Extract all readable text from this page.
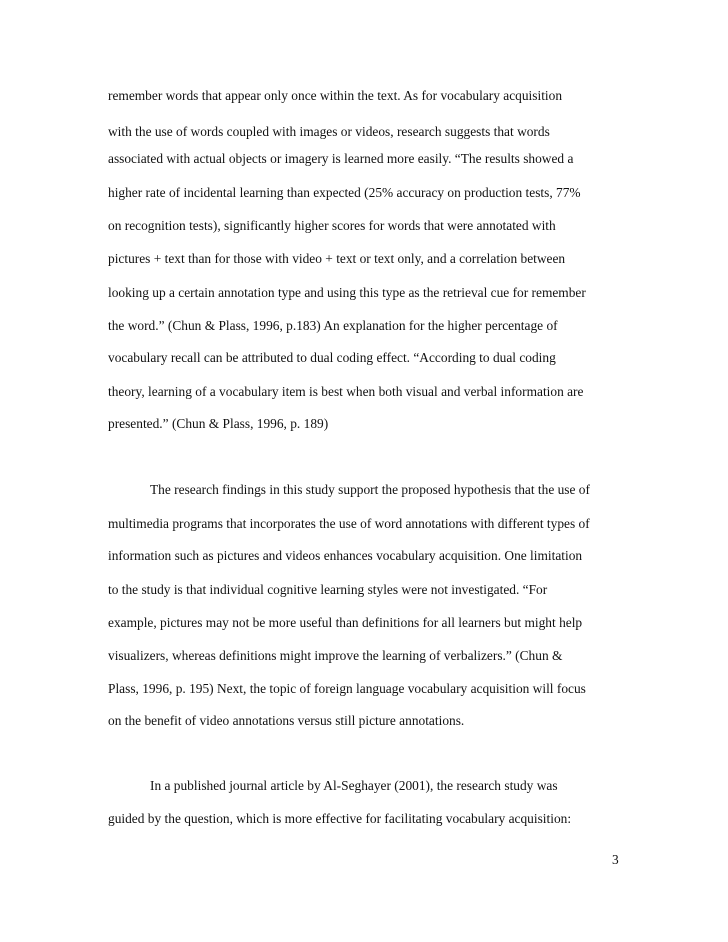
remember words that appear only once within the text. As for vocabulary acquisition
with the use of words coupled with images or videos, research suggests that words
associated with actual objects or imagery is learned more easily. “The results showed a
higher rate of incidental learning than expected (25% accuracy on production tests, 77%
on recognition tests), significantly higher scores for words that were annotated with
pictures + text than for those with video + text or text only, and a correlation between
looking up a certain annotation type and using this type as the retrieval cue for remember
the word.” (Chun & Plass, 1996, p.183) An explanation for the higher percentage of
vocabulary recall can be attributed to dual coding effect. “According to dual coding
theory, learning of a vocabulary item is best when both visual and verbal information are
presented.” (Chun & Plass, 1996, p. 189)
The research findings in this study support the proposed hypothesis that the use of
multimedia programs that incorporates the use of word annotations with different types of
information such as pictures and videos enhances vocabulary acquisition. One limitation
to the study is that individual cognitive learning styles were not investigated. “For
example, pictures may not be more useful than definitions for all learners but might help
visualizers, whereas definitions might improve the learning of verbalizers.” (Chun &
Plass, 1996, p. 195) Next, the topic of foreign language vocabulary acquisition will focus
on the benefit of video annotations versus still picture annotations.
In a published journal article by Al-Seghayer (2001), the research study was
guided by the question, which is more effective for facilitating vocabulary acquisition:
3
